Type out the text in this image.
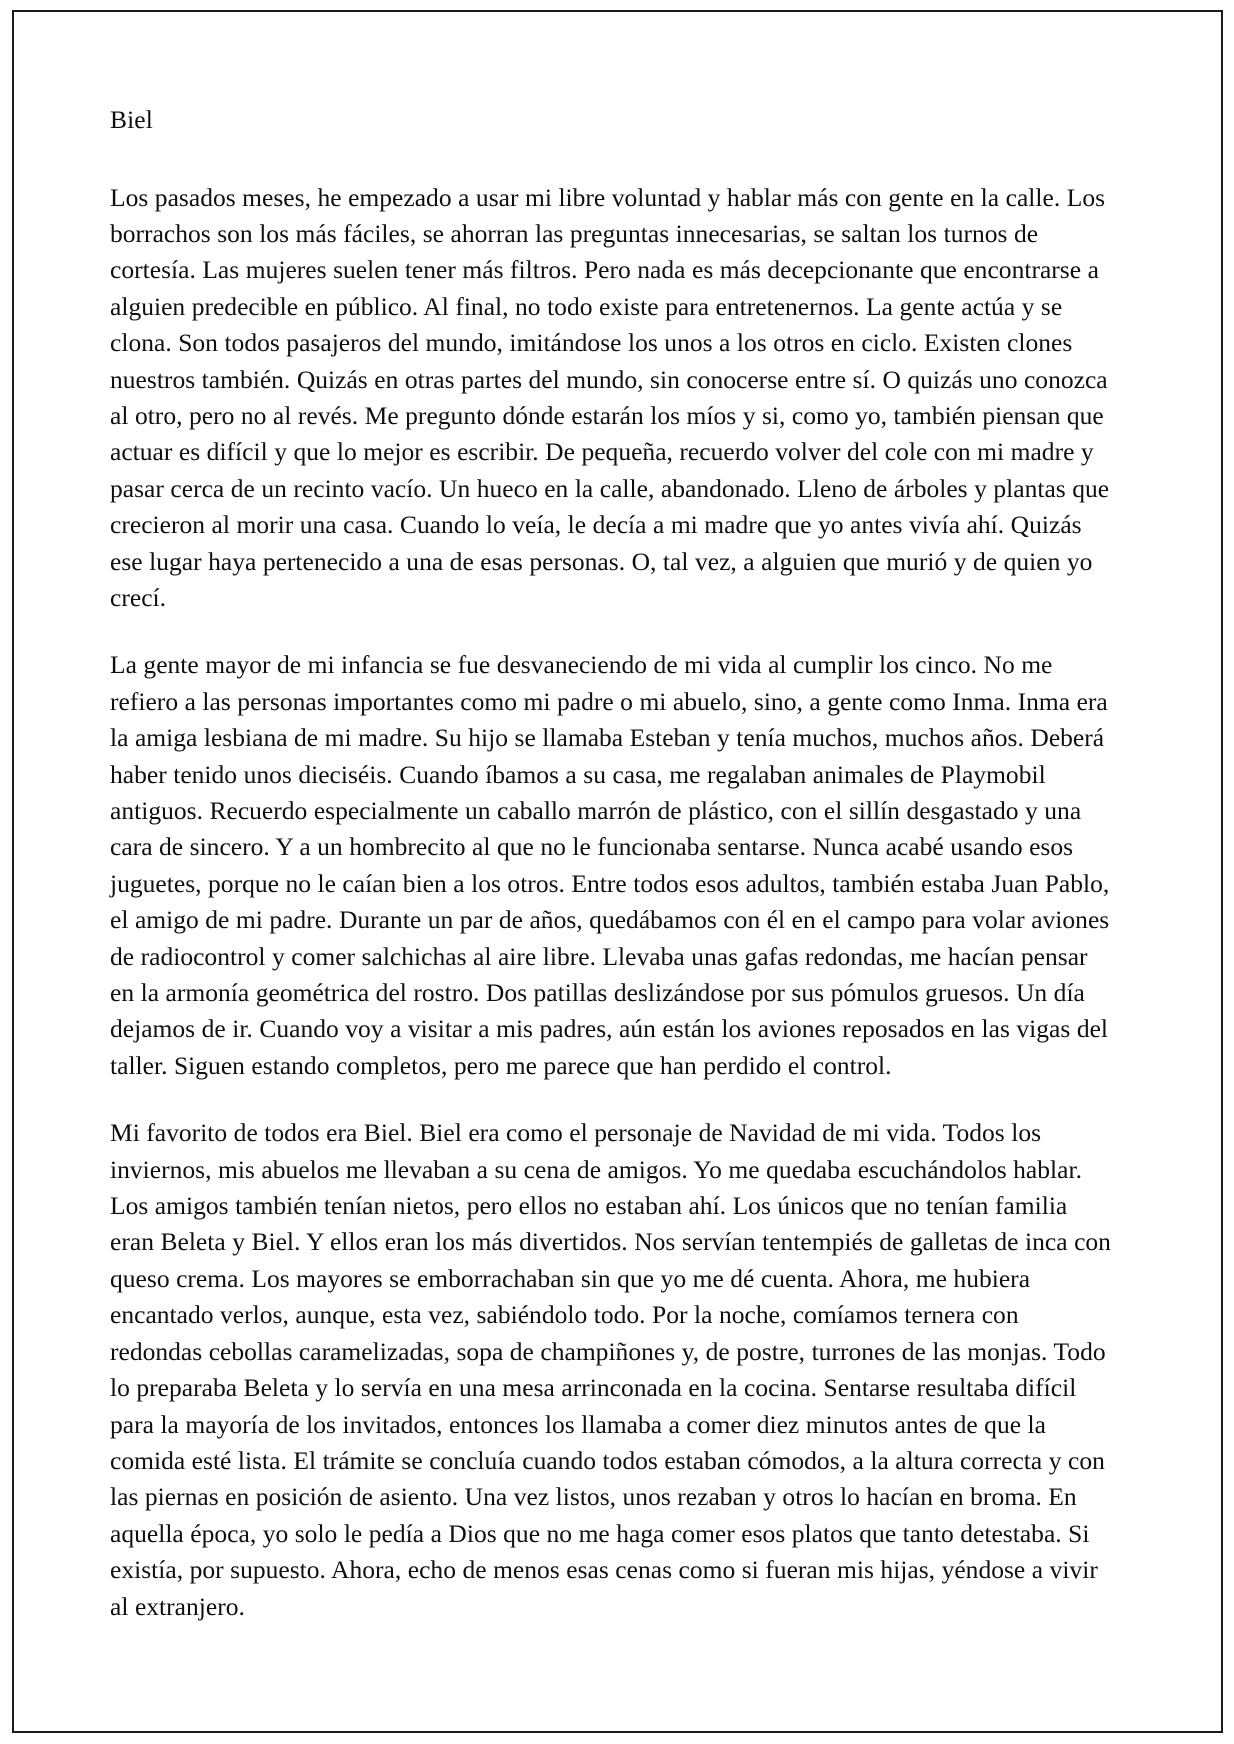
Biel

Los pasados meses, he empezado a usar mi libre voluntad y hablar más con gente en la calle. Los borrachos son los más fáciles, se ahorran las preguntas innecesarias, se saltan los turnos de cortesía. Las mujeres suelen tener más filtros. Pero nada es más decepcionante que encontrarse a alguien predecible en público. Al final, no todo existe para entretenernos. La gente actúa y se clona. Son todos pasajeros del mundo, imitándose los unos a los otros en ciclo. Existen clones nuestros también. Quizás en otras partes del mundo, sin conocerse entre sí. O quizás uno conozca al otro, pero no al revés. Me pregunto dónde estarán los míos y si, como yo, también piensan que actuar es difícil y que lo mejor es escribir. De pequeña, recuerdo volver del cole con mi madre y pasar cerca de un recinto vacío. Un hueco en la calle, abandonado. Lleno de árboles y plantas que crecieron al morir una casa. Cuando lo veía, le decía a mi madre que yo antes vivía ahí. Quizás ese lugar haya pertenecido a una de esas personas. O, tal vez, a alguien que murió y de quien yo crecí.

La gente mayor de mi infancia se fue desvaneciendo de mi vida al cumplir los cinco. No me refiero a las personas importantes como mi padre o mi abuelo, sino, a gente como Inma. Inma era la amiga lesbiana de mi madre. Su hijo se llamaba Esteban y tenía muchos, muchos años. Deberá haber tenido unos dieciséis. Cuando íbamos a su casa, me regalaban animales de Playmobil antiguos. Recuerdo especialmente un caballo marrón de plástico, con el sillín desgastado y una cara de sincero. Y a un hombrecito al que no le funcionaba sentarse. Nunca acabé usando esos juguetes, porque no le caían bien a los otros. Entre todos esos adultos, también estaba Juan Pablo, el amigo de mi padre. Durante un par de años, quedábamos con él en el campo para volar aviones de radiocontrol y comer salchichas al aire libre. Llevaba unas gafas redondas, me hacían pensar en la armonía geométrica del rostro. Dos patillas deslizándose por sus pómulos gruesos. Un día dejamos de ir. Cuando voy a visitar a mis padres, aún están los aviones reposados en las vigas del taller. Siguen estando completos, pero me parece que han perdido el control.

Mi favorito de todos era Biel. Biel era como el personaje de Navidad de mi vida. Todos los inviernos, mis abuelos me llevaban a su cena de amigos. Yo me quedaba escuchándolos hablar. Los amigos también tenían nietos, pero ellos no estaban ahí. Los únicos que no tenían familia eran Beleta y Biel. Y ellos eran los más divertidos. Nos servían tentempiés de galletas de inca con queso crema. Los mayores se emborrachaban sin que yo me dé cuenta. Ahora, me hubiera encantado verlos, aunque, esta vez, sabiéndolo todo. Por la noche, comíamos ternera con redondas cebollas caramelizadas, sopa de champiñones y, de postre, turrones de las monjas. Todo lo preparaba Beleta y lo servía en una mesa arrinconada en la cocina. Sentarse resultaba difícil para la mayoría de los invitados, entonces los llamaba a comer diez minutos antes de que la comida esté lista. El trámite se concluía cuando todos estaban cómodos, a la altura correcta y con las piernas en posición de asiento. Una vez listos, unos rezaban y otros lo hacían en broma. En aquella época, yo solo le pedía a Dios que no me haga comer esos platos que tanto detestaba. Si existía, por supuesto. Ahora, echo de menos esas cenas como si fueran mis hijas, yéndose a vivir al extranjero.
